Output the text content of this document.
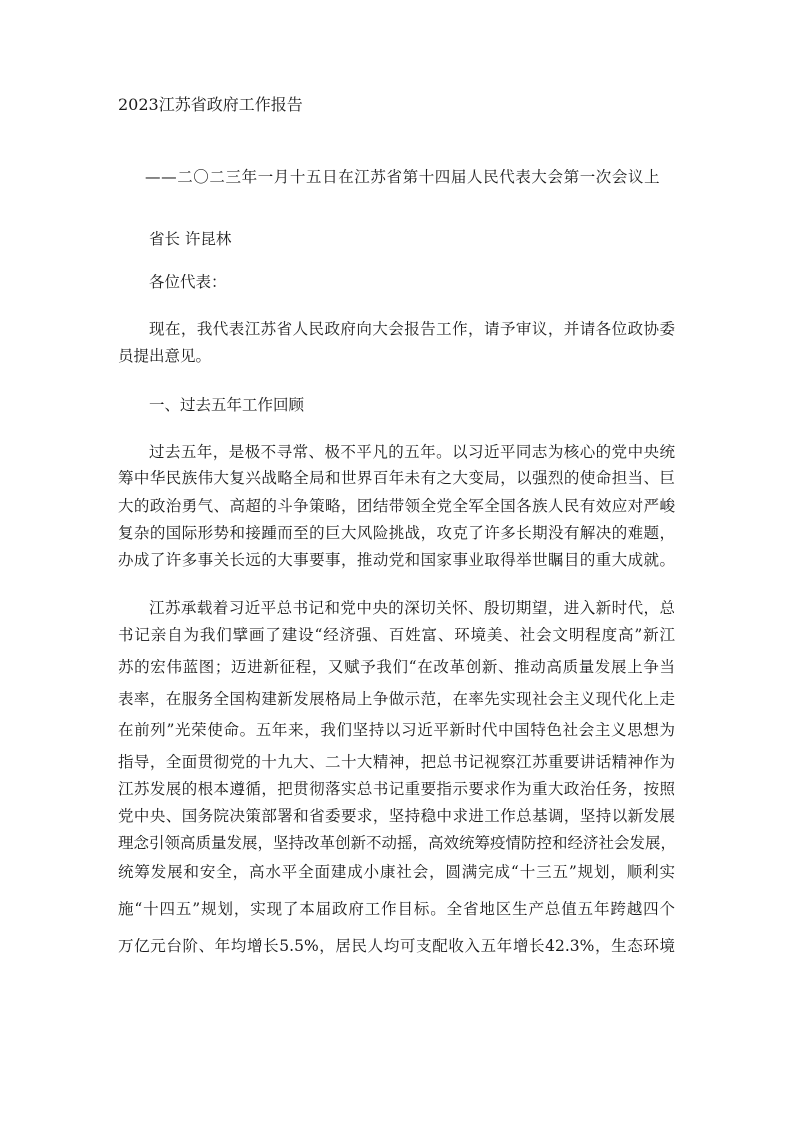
2023江苏省政府工作报告
——二〇二三年一月十五日在江苏省第十四届人民代表大会第一次会议上
省长 许昆林
各位代表：
现在，我代表江苏省人民政府向大会报告工作，请予审议，并请各位政协委
员提出意见。
一、过去五年工作回顾
过去五年，是极不寻常、极不平凡的五年。以习近平同志为核心的党中央统
筹中华民族伟大复兴战略全局和世界百年未有之大变局，以强烈的使命担当、巨
大的政治勇气、高超的斗争策略，团结带领全党全军全国各族人民有效应对严峻
复杂的国际形势和接踵而至的巨大风险挑战，攻克了许多长期没有解决的难题，
办成了许多事关长远的大事要事，推动党和国家事业取得举世瞩目的重大成就。
江苏承载着习近平总书记和党中央的深切关怀、殷切期望，进入新时代，总
书记亲自为我们擘画了建设“经济强、百姓富、环境美、社会文明程度高”新江
苏的宏伟蓝图；迈进新征程，又赋予我们“在改革创新、推动高质量发展上争当
表率，在服务全国构建新发展格局上争做示范，在率先实现社会主义现代化上走
在前列”光荣使命。五年来，我们坚持以习近平新时代中国特色社会主义思想为
指导，全面贯彻党的十九大、二十大精神，把总书记视察江苏重要讲话精神作为
江苏发展的根本遵循，把贯彻落实总书记重要指示要求作为重大政治任务，按照
党中央、国务院决策部署和省委要求，坚持稳中求进工作总基调，坚持以新发展
理念引领高质量发展，坚持改革创新不动摇，高效统筹疫情防控和经济社会发展，
统筹发展和安全，高水平全面建成小康社会，圆满完成“十三五”规划，顺利实
施“十四五”规划，实现了本届政府工作目标。全省地区生产总值五年跨越四个
万亿元台阶、年均增长5.5%，居民人均可支配收入五年增长42.3%，生态环境
